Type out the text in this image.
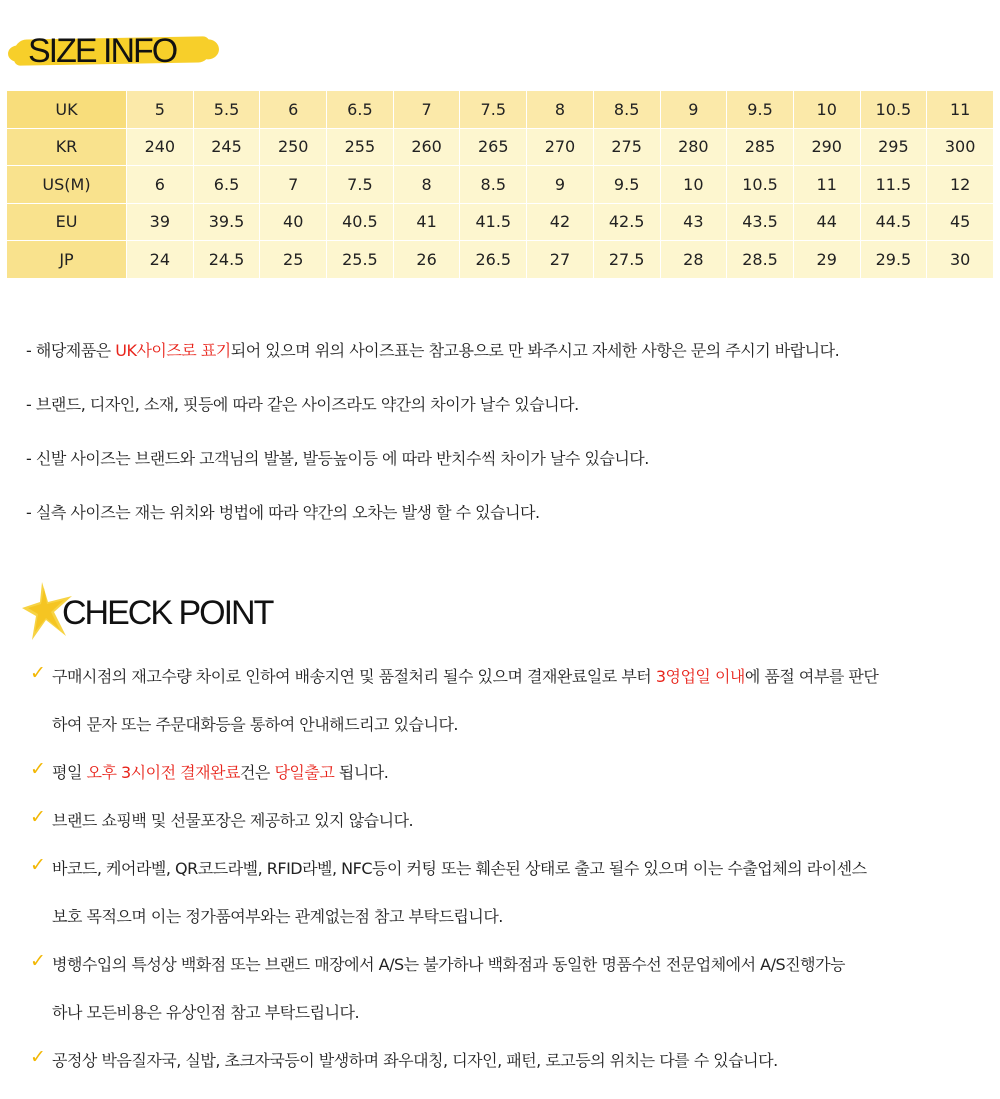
SIZE INFO
UK	5	5.5	6	6.5	7	7.5	8	8.5	9	9.5	10	10.5	11
KR	240	245	250	255	260	265	270	275	280	285	290	295	300
US(M)	6	6.5	7	7.5	8	8.5	9	9.5	10	10.5	11	11.5	12
EU	39	39.5	40	40.5	41	41.5	42	42.5	43	43.5	44	44.5	45
JP	24	24.5	25	25.5	26	26.5	27	27.5	28	28.5	29	29.5	30
- 해당제품은 UK사이즈로 표기되어 있으며 위의 사이즈표는 참고용으로 만 봐주시고 자세한 사항은 문의 주시기 바랍니다.
- 브랜드, 디자인, 소재, 핏등에 따라 같은 사이즈라도 약간의 차이가 날수 있습니다.
- 신발 사이즈는 브랜드와 고객님의 발볼, 발등높이등 에 따라 반치수씩 차이가 날수 있습니다.
- 실측 사이즈는 재는 위치와 벙법에 따라 약간의 오차는 발생 할 수 있습니다.
CHECK POINT
✓ 구매시점의 재고수량 차이로 인하여 배송지연 및 품절처리 될수 있으며 결재완료일로 부터 3영업일 이내에 품절 여부를 판단
하여 문자 또는 주문대화등을 통하여 안내해드리고 있습니다.
✓ 평일 오후 3시이전 결재완료건은 당일출고 됩니다.
✓ 브랜드 쇼핑백 및 선물포장은 제공하고 있지 않습니다.
✓ 바코드, 케어라벨, QR코드라벨, RFID라벨, NFC등이 커팅 또는 훼손된 상태로 출고 될수 있으며 이는 수출업체의 라이센스
보호 목적으며 이는 정가품여부와는 관계없는점 참고 부탁드립니다.
✓ 병행수입의 특성상 백화점 또는 브랜드 매장에서 A/S는 불가하나 백화점과 동일한 명품수선 전문업체에서 A/S진행가능
하나 모든비용은 유상인점 참고 부탁드립니다.
✓ 공정상 박음질자국, 실밥, 초크자국등이 발생하며 좌우대칭, 디자인, 패턴, 로고등의 위치는 다를 수 있습니다.
